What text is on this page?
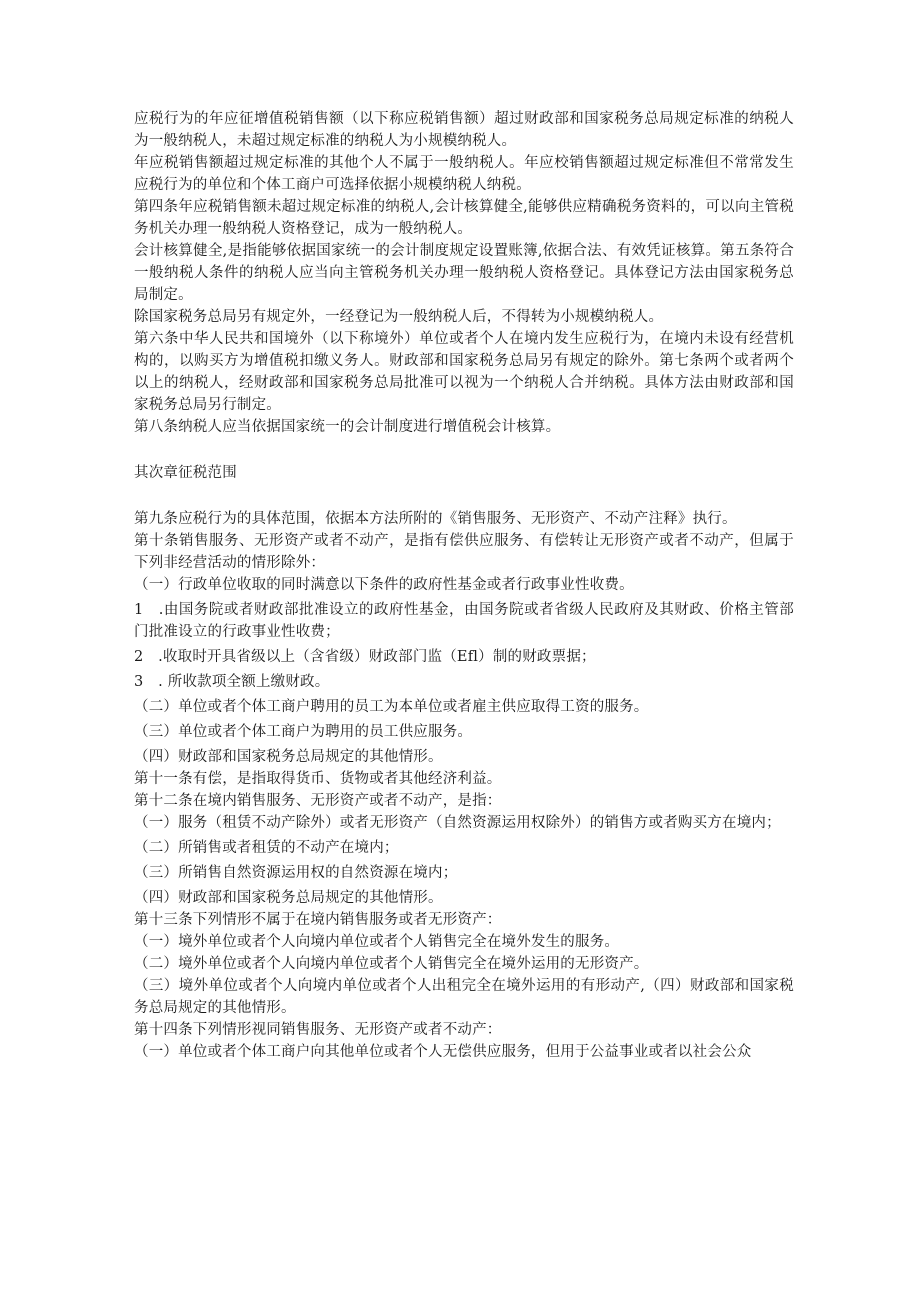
应税行为的年应征增值税销售额（以下称应税销售额）超过财政部和国家税务总局规定标准的纳税人为一般纳税人，未超过规定标准的纳税人为小规模纳税人。

年应税销售额超过规定标准的其他个人不属于一般纳税人。年应校销售额超过规定标准但不常常发生应税行为的单位和个体工商户可选择依据小规模纳税人纳税。

第四条年应税销售额未超过规定标准的纳税人,会计核算健全,能够供应精确税务资料的，可以向主管税务机关办理一般纳税人资格登记，成为一般纳税人。

会计核算健全,是指能够依据国家统一的会计制度规定设置账簿,依据合法、有效凭证核算。第五条符合一般纳税人条件的纳税人应当向主管税务机关办理一般纳税人资格登记。具体登记方法由国家税务总局制定。

除国家税务总局另有规定外，一经登记为一般纳税人后，不得转为小规模纳税人。

第六条中华人民共和国境外（以下称境外）单位或者个人在境内发生应税行为，在境内未设有经营机构的，以购买方为增值税扣缴义务人。财政部和国家税务总局另有规定的除外。第七条两个或者两个以上的纳税人，经财政部和国家税务总局批准可以视为一个纳税人合并纳税。具体方法由财政部和国家税务总局另行制定。

第八条纳税人应当依据国家统一的会计制度进行增值税会计核算。

其次章征税范围

第九条应税行为的具体范围，依据本方法所附的《销售服务、无形资产、不动产注释》执行。

第十条销售服务、无形资产或者不动产，是指有偿供应服务、有偿转让无形资产或者不动产，但属于下列非经营活动的情形除外：

（一）行政单位收取的同时满意以下条件的政府性基金或者行政事业性收费。

1　.由国务院或者财政部批准设立的政府性基金，由国务院或者省级人民政府及其财政、价格主管部门批准设立的行政事业性收费；

2　.收取时开具省级以上（含省级）财政部门监（Efl）制的财政票据；

3　. 所收款项全额上缴财政。

（二）单位或者个体工商户聘用的员工为本单位或者雇主供应取得工资的服务。

（三）单位或者个体工商户为聘用的员工供应服务。

（四）财政部和国家税务总局规定的其他情形。

第十一条有偿，是指取得货币、货物或者其他经济利益。

第十二条在境内销售服务、无形资产或者不动产，是指：

（一）服务（租赁不动产除外）或者无形资产（自然资源运用权除外）的销售方或者购买方在境内；

（二）所销售或者租赁的不动产在境内；

（三）所销售自然资源运用权的自然资源在境内；

（四）财政部和国家税务总局规定的其他情形。

第十三条下列情形不属于在境内销售服务或者无形资产：

（一）境外单位或者个人向境内单位或者个人销售完全在境外发生的服务。

（二）境外单位或者个人向境内单位或者个人销售完全在境外运用的无形资产。

（三）境外单位或者个人向境内单位或者个人出租完全在境外运用的有形动产,（四）财政部和国家税务总局规定的其他情形。

第十四条下列情形视同销售服务、无形资产或者不动产：

（一）单位或者个体工商户向其他单位或者个人无偿供应服务，但用于公益事业或者以社会公众
